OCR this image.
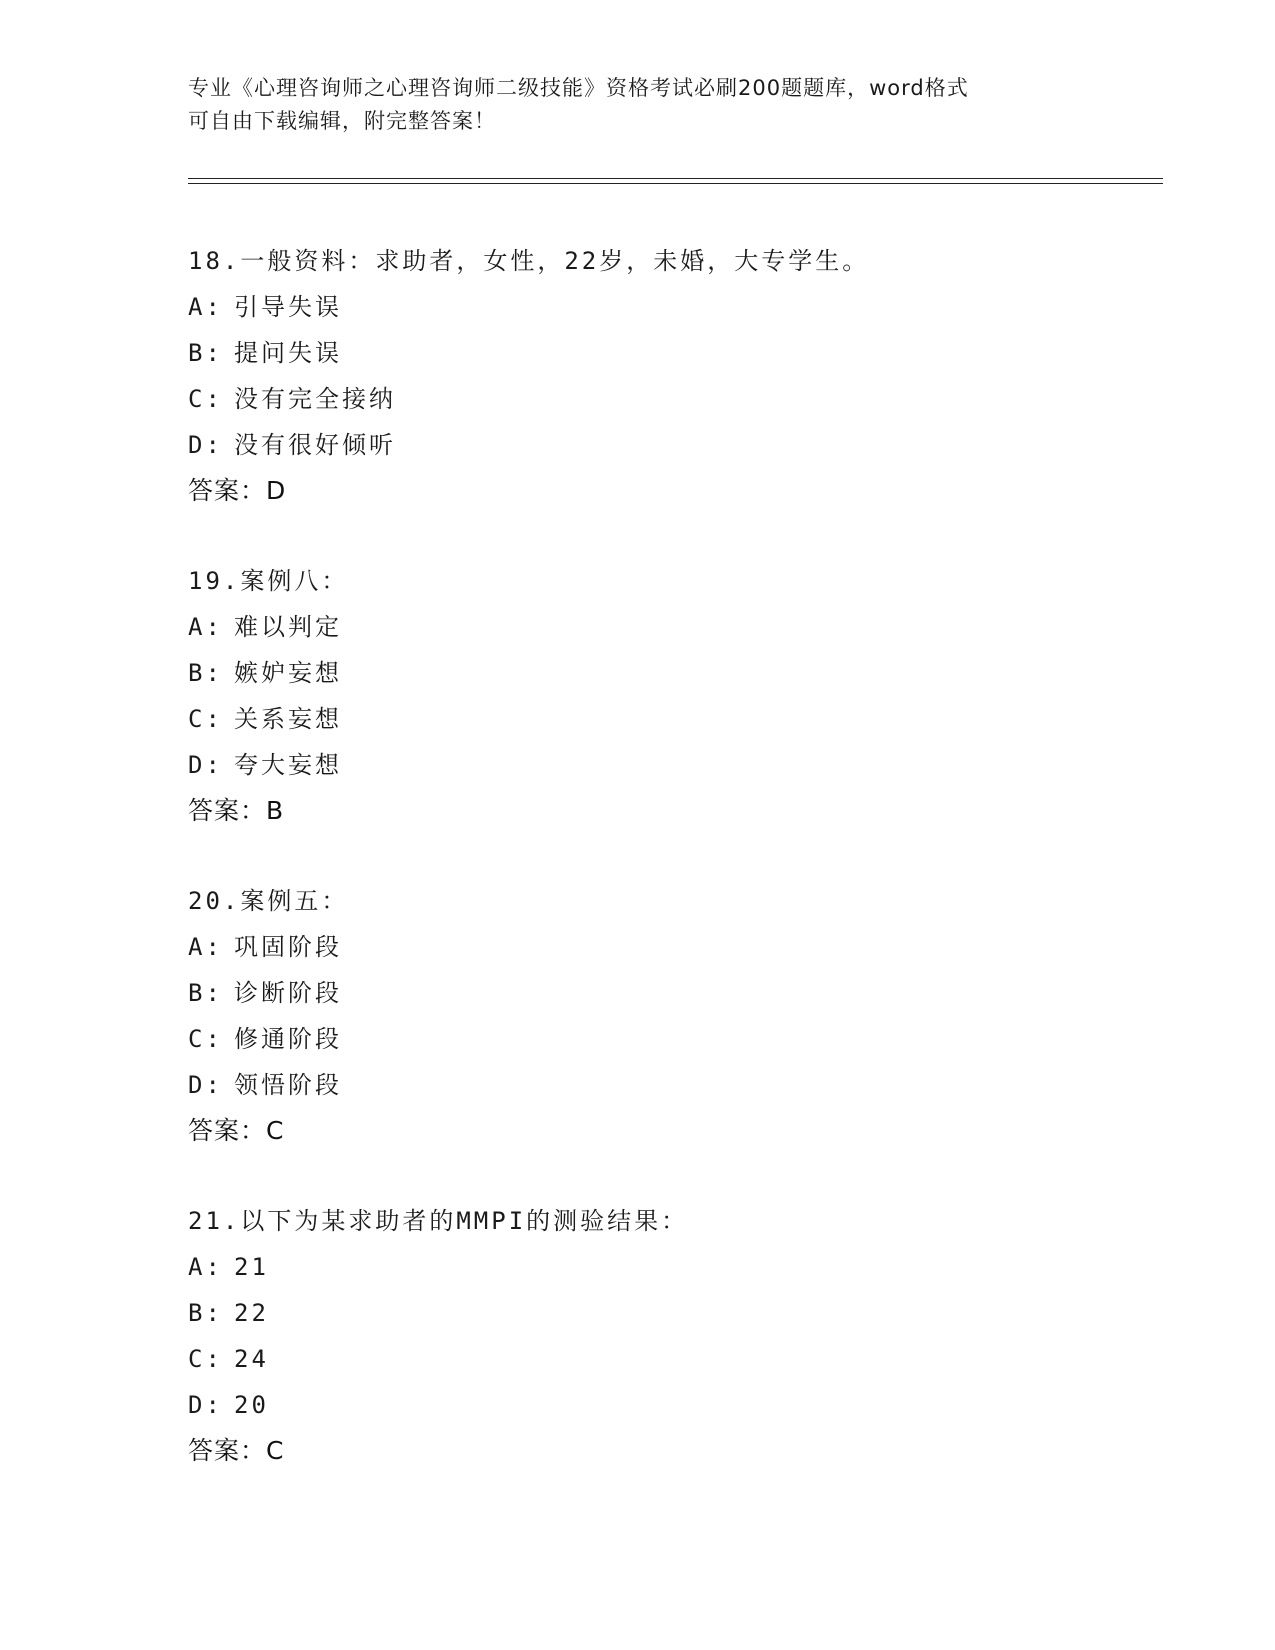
专业《心理咨询师之心理咨询师二级技能》资格考试必刷200题题库，word格式
可自由下载编辑，附完整答案！
18.一般资料：求助者，女性，22岁，未婚，大专学生。
A: 引导失误
B: 提问失误
C: 没有完全接纳
D: 没有很好倾听
答案：D
19.案例八：
A: 难以判定
B: 嫉妒妄想
C: 关系妄想
D: 夸大妄想
答案：B
20.案例五：
A: 巩固阶段
B: 诊断阶段
C: 修通阶段
D: 领悟阶段
答案：C
21.以下为某求助者的MMPI的测验结果：
A: 21
B: 22
C: 24
D: 20
答案：C
